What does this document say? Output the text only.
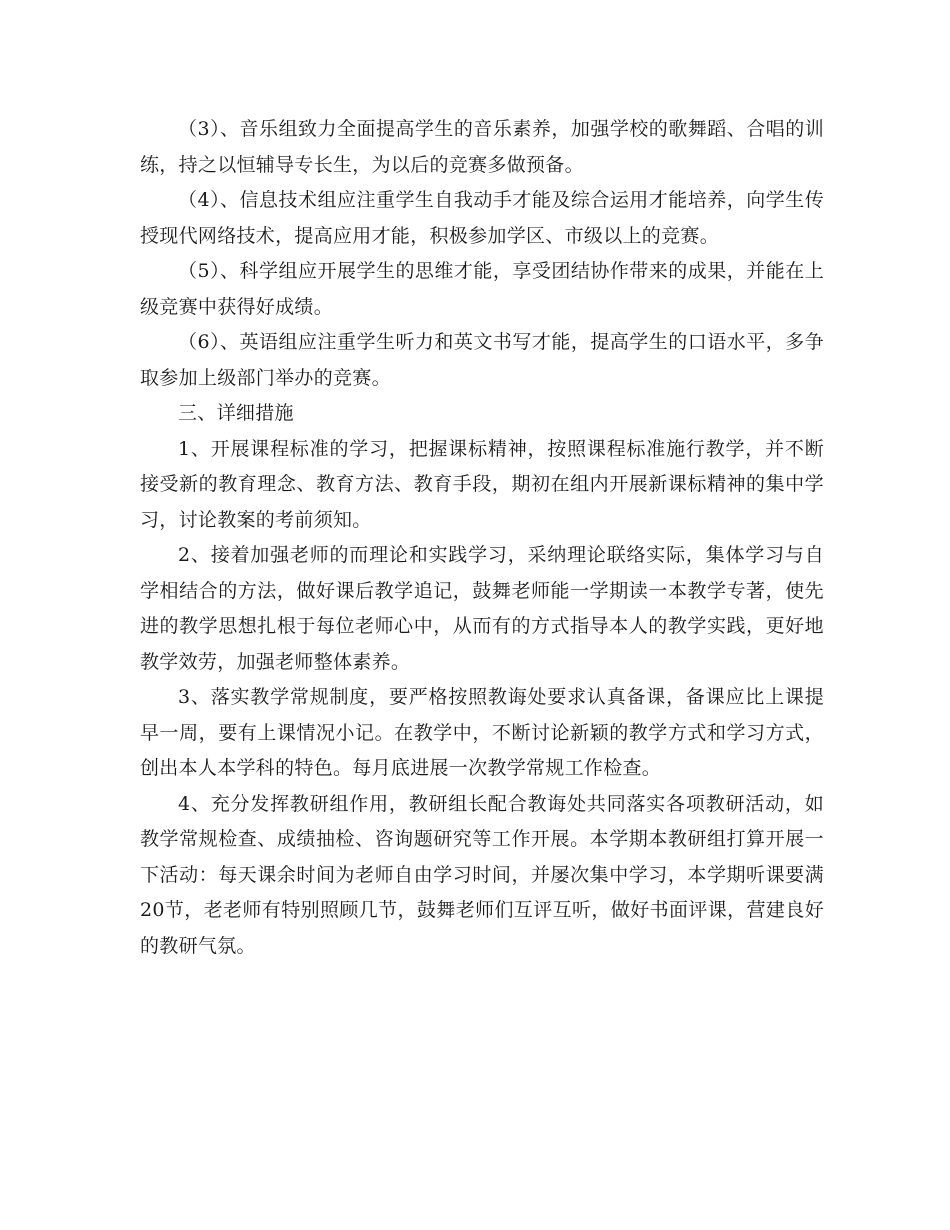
（3）、音乐组致力全面提高学生的音乐素养，加强学校的歌舞蹈、合唱的训练，持之以恒辅导专长生，为以后的竞赛多做预备。

（4）、信息技术组应注重学生自我动手才能及综合运用才能培养，向学生传授现代网络技术，提高应用才能，积极参加学区、市级以上的竞赛。

（5）、科学组应开展学生的思维才能，享受团结协作带来的成果，并能在上级竞赛中获得好成绩。

（6）、英语组应注重学生听力和英文书写才能，提高学生的口语水平，多争取参加上级部门举办的竞赛。

三、详细措施

1、开展课程标准的学习，把握课标精神，按照课程标准施行教学，并不断接受新的教育理念、教育方法、教育手段，期初在组内开展新课标精神的集中学习，讨论教案的考前须知。

2、接着加强老师的而理论和实践学习，采纳理论联络实际，集体学习与自学相结合的方法，做好课后教学追记，鼓舞老师能一学期读一本教学专著，使先进的教学思想扎根于每位老师心中，从而有的方式指导本人的教学实践，更好地教学效劳，加强老师整体素养。

3、落实教学常规制度，要严格按照教诲处要求认真备课，备课应比上课提早一周，要有上课情况小记。在教学中，不断讨论新颖的教学方式和学习方式，创出本人本学科的特色。每月底进展一次教学常规工作检查。

4、充分发挥教研组作用，教研组长配合教诲处共同落实各项教研活动，如教学常规检查、成绩抽检、咨询题研究等工作开展。本学期本教研组打算开展一下活动：每天课余时间为老师自由学习时间，并屡次集中学习，本学期听课要满20节，老老师有特别照顾几节，鼓舞老师们互评互听，做好书面评课，营建良好的教研气氛。
